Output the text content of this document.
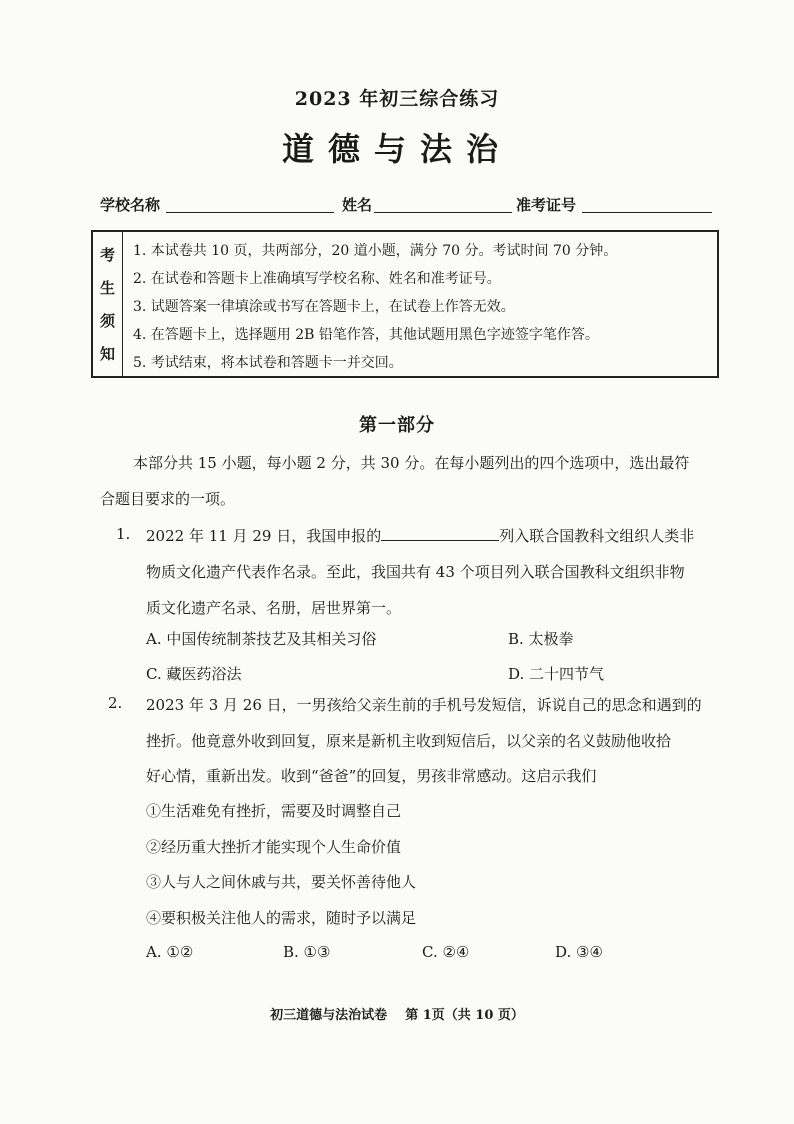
2023 年初三综合练习
道德与法治
学校名称	姓名	准考证号
考
生
须
知
1. 本试卷共 10 页，共两部分，20 道小题，满分 70 分。考试时间 70 分钟。
2. 在试卷和答题卡上准确填写学校名称、姓名和准考证号。
3. 试题答案一律填涂或书写在答题卡上，在试卷上作答无效。
4. 在答题卡上，选择题用 2B 铅笔作答，其他试题用黑色字迹签字笔作答。
5. 考试结束，将本试卷和答题卡一并交回。
第一部分
本部分共 15 小题，每小题 2 分，共 30 分。在每小题列出的四个选项中，选出最符
合题目要求的一项。
1. 2022 年 11 月 29 日，我国申报的	列入联合国教科文组织人类非
物质文化遗产代表作名录。至此，我国共有 43 个项目列入联合国教科文组织非物
质文化遗产名录、名册，居世界第一。
A. 中国传统制茶技艺及其相关习俗	B. 太极拳
C. 藏医药浴法	D. 二十四节气
2. 2023 年 3 月 26 日，一男孩给父亲生前的手机号发短信，诉说自己的思念和遇到的
挫折。他竟意外收到回复，原来是新机主收到短信后，以父亲的名义鼓励他收拾
好心情，重新出发。收到“爸爸”的回复，男孩非常感动。这启示我们
①生活难免有挫折，需要及时调整自己
②经历重大挫折才能实现个人生命价值
③人与人之间休戚与共，要关怀善待他人
④要积极关注他人的需求，随时予以满足
A. ①②	B. ①③	C. ②④	D. ③④
初三道德与法治试卷 第 1页（共 10 页）
